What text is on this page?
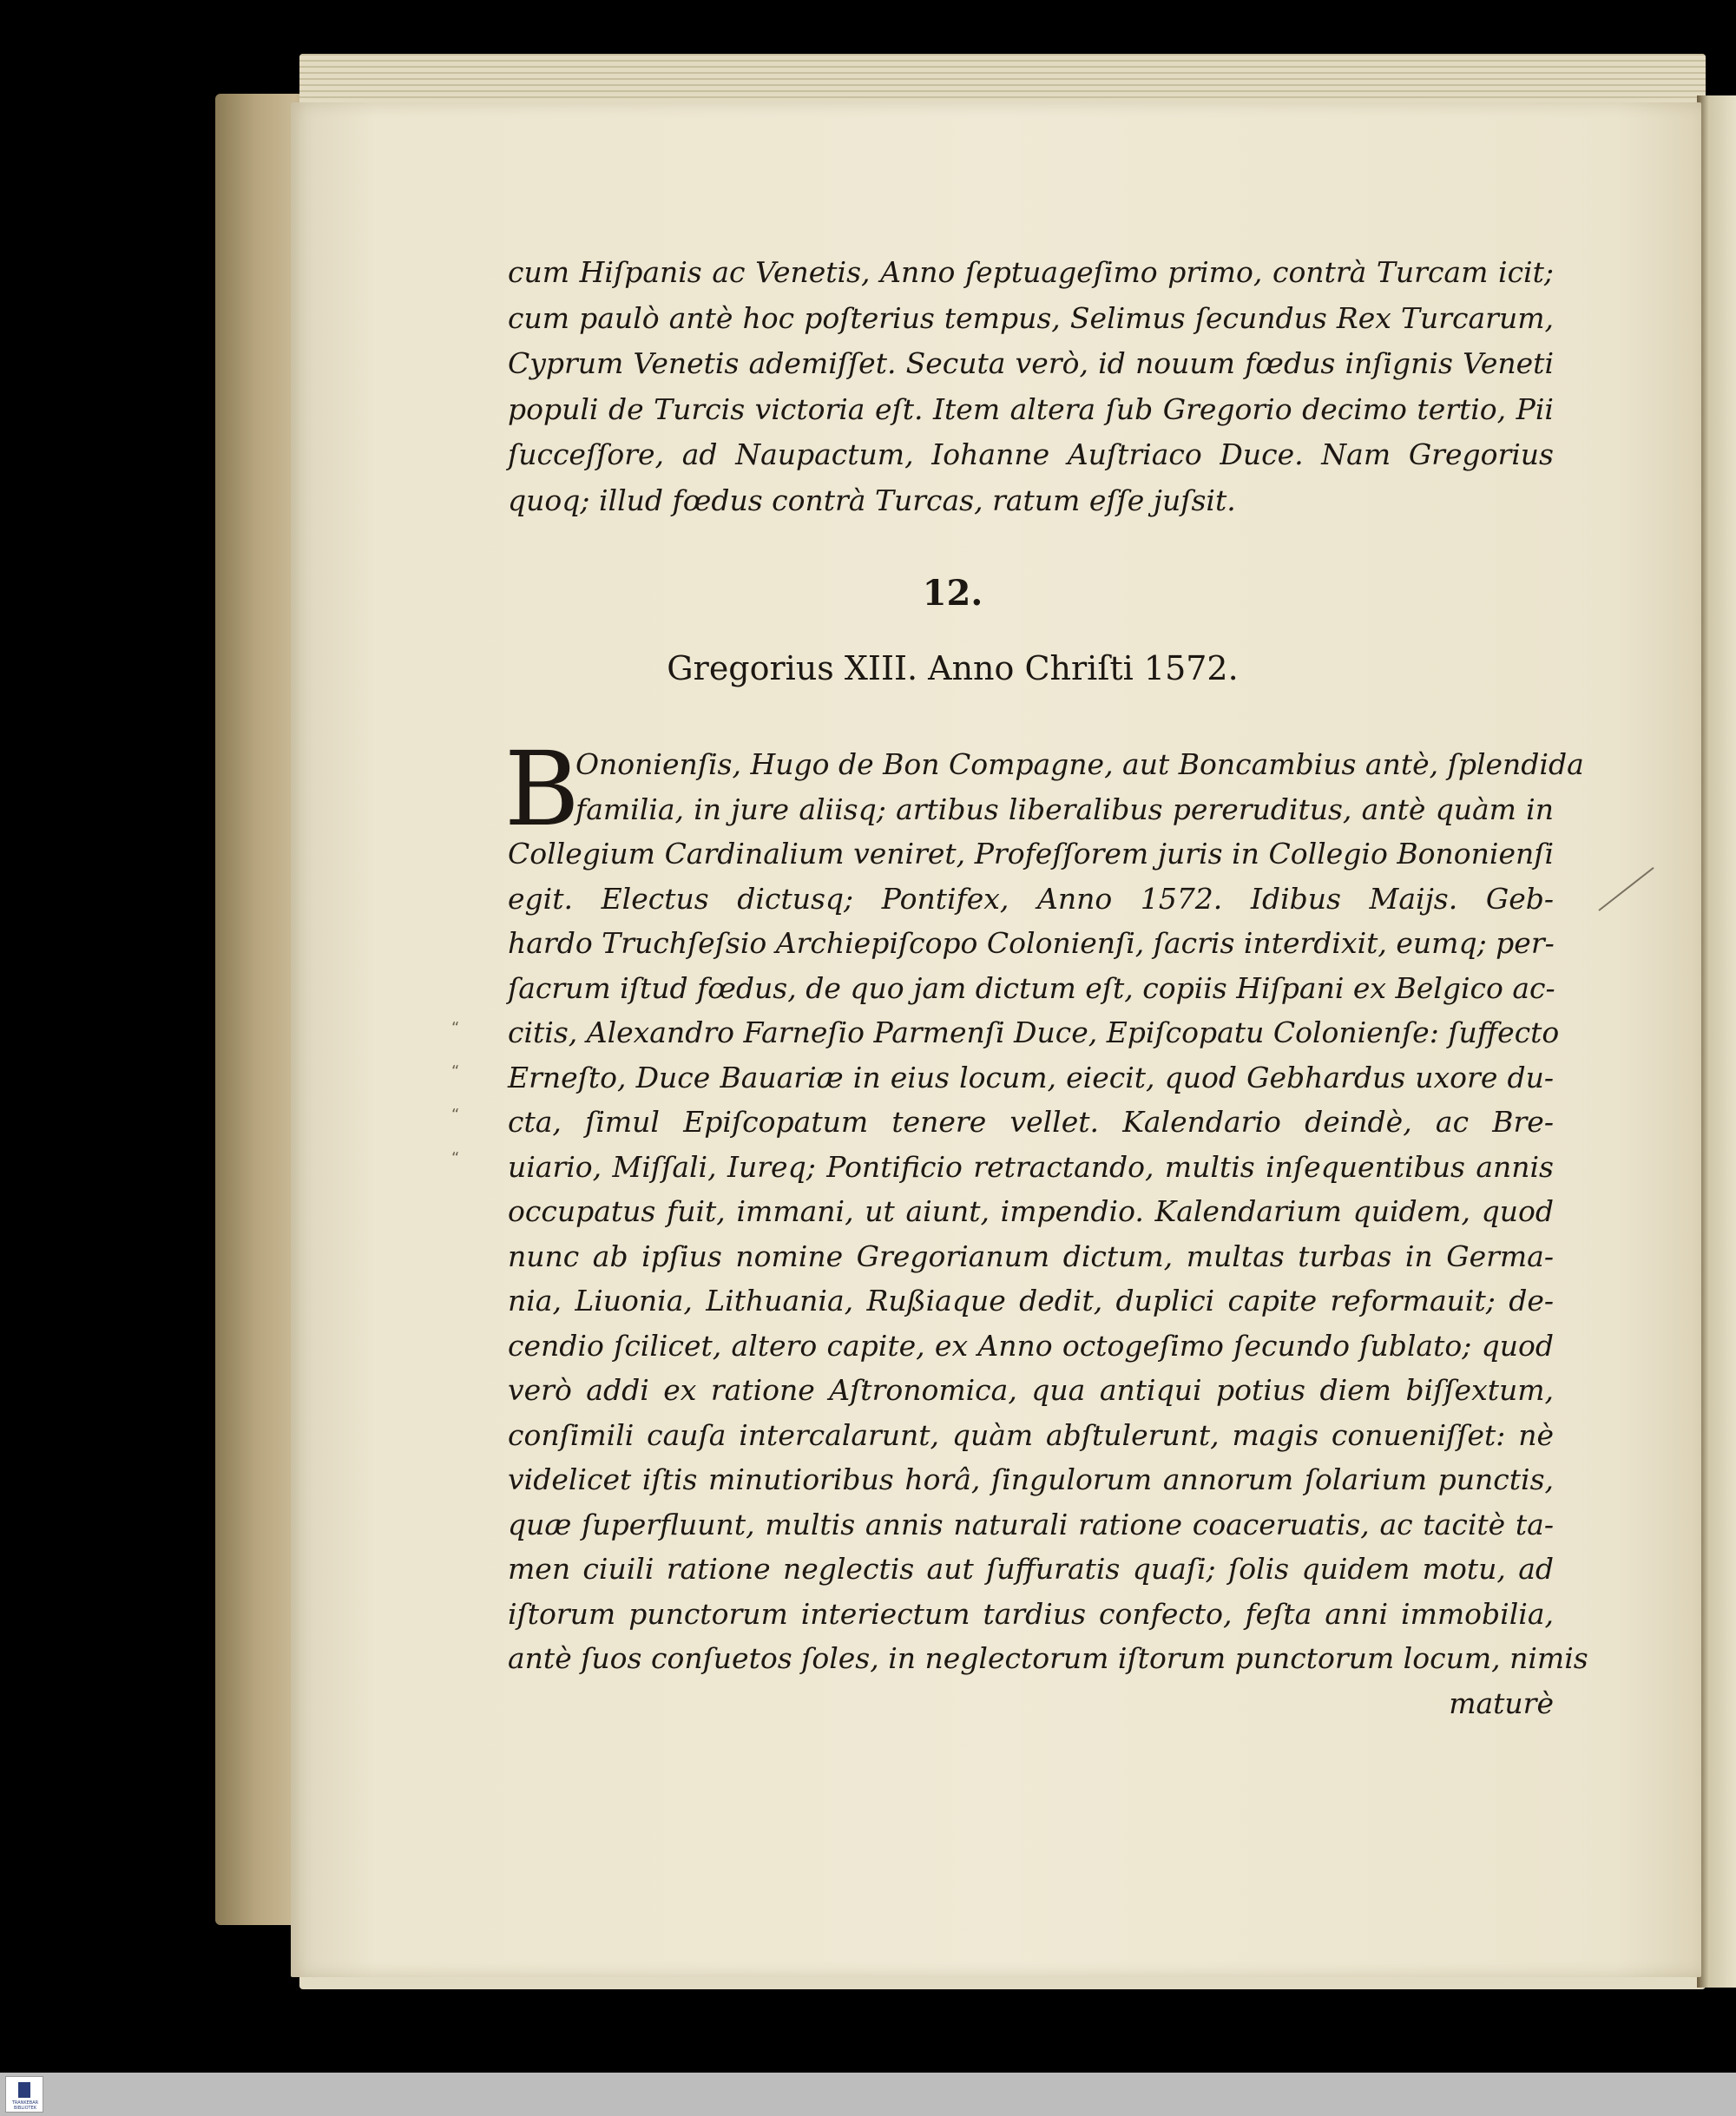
“
“
“
“
cum Hiſpanis ac Venetis, Anno ſeptuageſimo primo, contrà Turcam icit;
cum paulò antè hoc poſterius tempus, Selimus ſecundus Rex Turcarum,
Cyprum Venetis ademiſſet. Secuta verò, id nouum fœdus inſignis Veneti
populi de Turcis victoria eſt. Item altera ſub Gregorio decimo tertio, Pii
ſucceſſore, ad Naupactum, Iohanne Auſtriaco Duce. Nam Gregorius
quoq; illud fœdus contrà Turcas, ratum eſſe juſsit.
12.
Gregorius XIII. Anno Chriſti 1572.
B
Ononienſis, Hugo de Bon Compagne, aut Boncambius antè, ſplendida
familia, in jure aliisq; artibus liberalibus pereruditus, antè quàm in
Collegium Cardinalium veniret, Profeſſorem juris in Collegio Bononienſi
egit. Electus dictusq; Pontifex, Anno 1572. Idibus Maijs. Geb-
hardo Truchſeſsio Archiepiſcopo Colonienſi, ſacris interdixit, eumq; per-
ſacrum iſtud fœdus, de quo jam dictum eſt, copiis Hiſpani ex Belgico ac-
citis, Alexandro Farneſio Parmenſi Duce, Epiſcopatu Colonienſe: ſuffecto
Erneſto, Duce Bauariæ in eius locum, eiecit, quod Gebhardus uxore du-
cta, ſimul Epiſcopatum tenere vellet. Kalendario deindè, ac Bre-
uiario, Miſſali, Iureq; Pontificio retractando, multis inſequentibus annis
occupatus fuit, immani, ut aiunt, impendio. Kalendarium quidem, quod
nunc ab ipſius nomine Gregorianum dictum, multas turbas in Germa-
nia, Liuonia, Lithuania, Rußiaque dedit, duplici capite reformauit; de-
cendio ſcilicet, altero capite, ex Anno octogeſimo ſecundo ſublato; quod
verò addi ex ratione Aſtronomica, qua antiqui potius diem biſſextum,
conſimili cauſa intercalarunt, quàm abſtulerunt, magis conueniſſet: nè
videlicet iſtis minutioribus horâ, ſingulorum annorum ſolarium punctis,
quæ ſuperfluunt, multis annis naturali ratione coaceruatis, ac tacitè ta-
men ciuili ratione neglectis aut ſuffuratis quaſi; ſolis quidem motu, ad
iſtorum punctorum interiectum tardius confecto, feſta anni immobilia,
antè ſuos conſuetos ſoles, in neglectorum iſtorum punctorum locum, nimis
maturè
TRANKEBAR BIBLIOTEK
